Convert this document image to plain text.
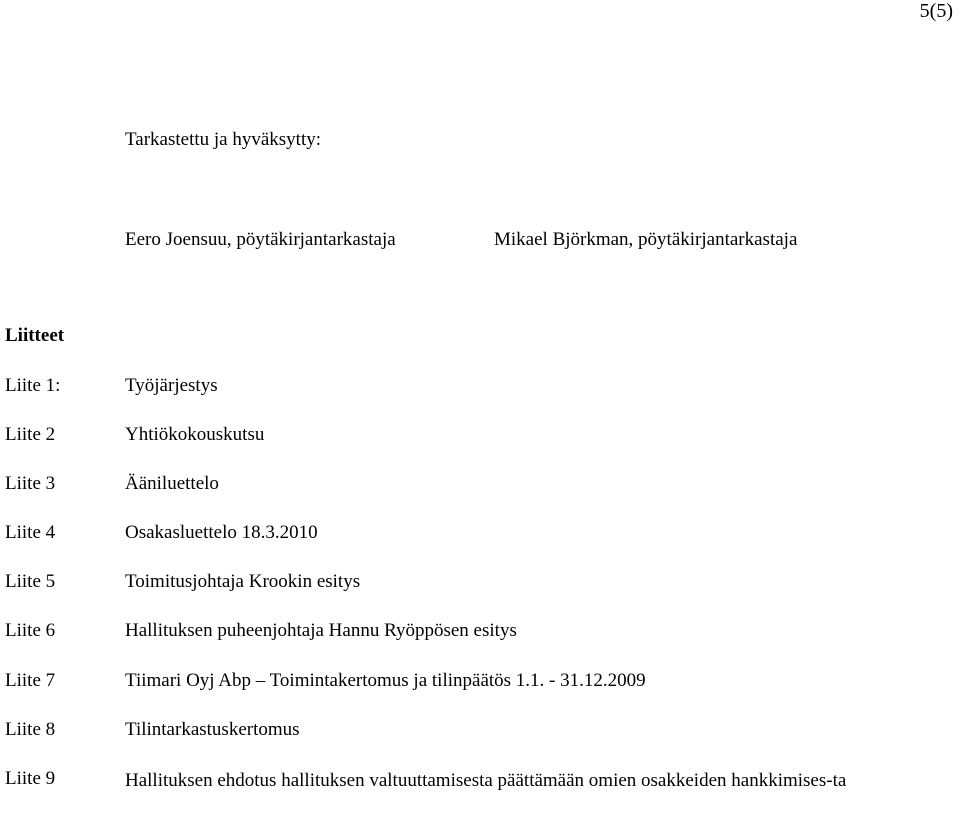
5(5)
Tarkastettu ja hyväksytty:
Eero Joensuu, pöytäkirjantarkastaja	Mikael Björkman, pöytäkirjantarkastaja
Liitteet
Liite 1:	Työjärjestys
Liite 2	Yhtiökokouskutsu
Liite 3	Ääniluettelo
Liite 4	Osakasluettelo 18.3.2010
Liite 5	Toimitusjohtaja Krookin esitys
Liite 6	Hallituksen puheenjohtaja Hannu Ryöppösen esitys
Liite 7	Tiimari Oyj Abp – Toimintakertomus ja tilinpäätös 1.1. - 31.12.2009
Liite 8	Tilintarkastuskertomus
Liite 9	Hallituksen ehdotus hallituksen valtuuttamisesta päättämään omien osakkeiden hankkimises-ta
